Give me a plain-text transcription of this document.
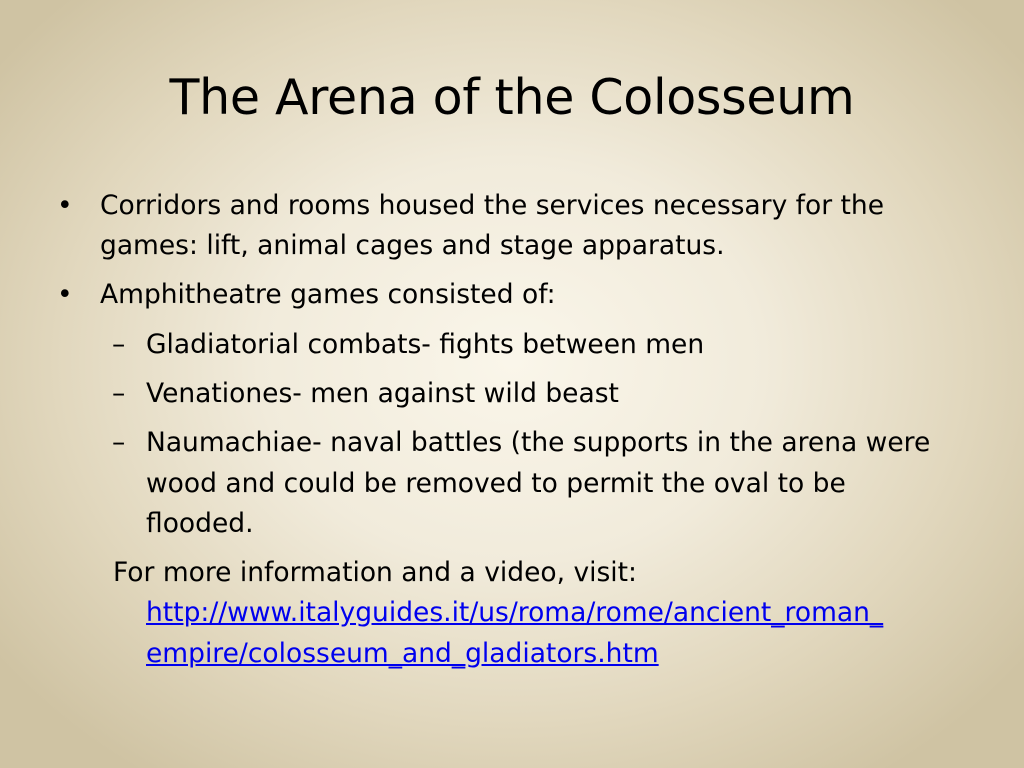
The Arena of the Colosseum
• Corridors and rooms housed the services necessary for the
games: lift, animal cages and stage apparatus.
• Amphitheatre games consisted of:
– Gladiatorial combats- fights between men
– Venationes- men against wild beast
– Naumachiae- naval battles (the supports in the arena were
wood and could be removed to permit the oval to be
flooded.
For more information and a video, visit:
http://www.italyguides.it/us/roma/rome/ancient_roman_
empire/colosseum_and_gladiators.htm
